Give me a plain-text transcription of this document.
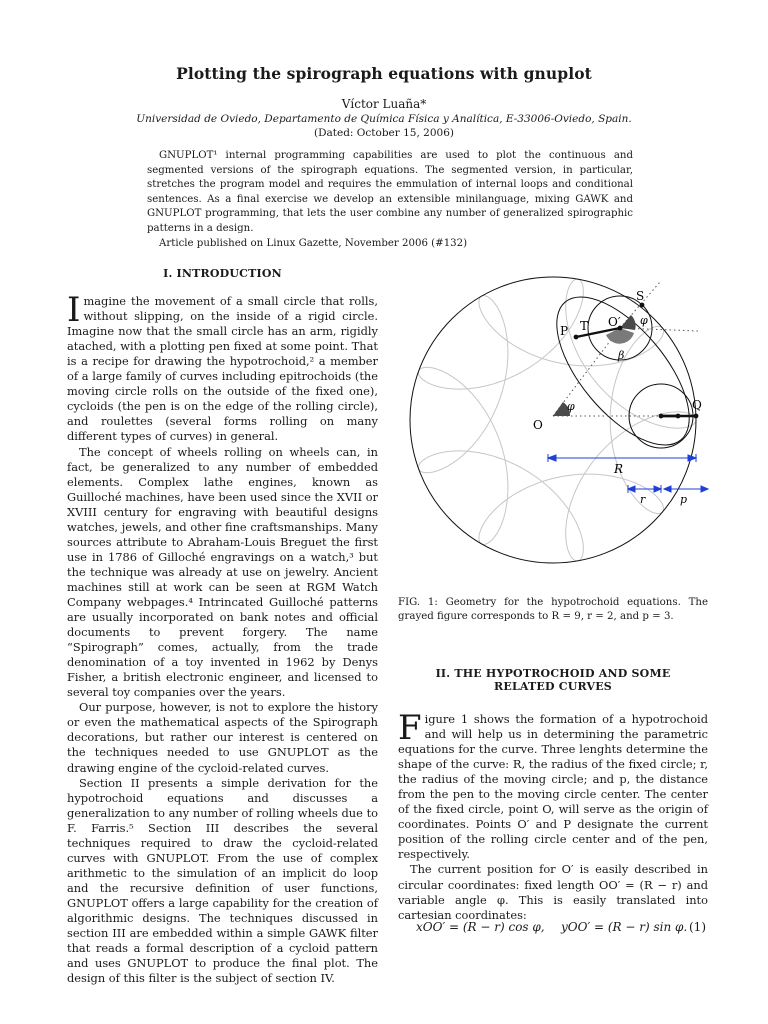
Plotting the spirograph equations with gnuplot
Víctor Luaña*
Universidad de Oviedo, Departamento de Química Física y Analítica, E-33006-Oviedo, Spain.
(Dated: October 15, 2006)

GNUPLOT¹ internal programming capabilities are used to plot the continuous and segmented versions of the spirograph equations. The segmented version, in particular, stretches the program model and requires the emmulation of internal loops and conditional sentences. As a final exercise we develop an extensible minilanguage, mixing GAWK and GNUPLOT programming, that lets the user combine any number of generalized spirographic patterns in a design.

Article published on Linux Gazette, November 2006 (#132)

I. INTRODUCTION

Imagine the movement of a small circle that rolls, without slipping, on the inside of a rigid circle. Imagine now that the small circle has an arm, rigidly atached, with a plotting pen fixed at some point. That is a recipe for drawing the hypotrochoid,² a member of a large family of curves including epitrochoids (the moving circle rolls on the outside of the fixed one), cycloids (the pen is on the edge of the rolling circle), and roulettes (several forms rolling on many different types of curves) in general.

The concept of wheels rolling on wheels can, in fact, be generalized to any number of embedded elements. Complex lathe engines, known as Guilloché machines, have been used since the XVII or XVIII century for engraving with beautiful designs watches, jewels, and other fine craftsmanships. Many sources attribute to Abraham-Louis Breguet the first use in 1786 of Gilloché engravings on a watch,³ but the technique was already at use on jewelry. Ancient machines still at work can be seen at RGM Watch Company webpages.⁴ Intrincated Guilloché patterns are usually incorporated on bank notes and official documents to prevent forgery. The name “Spirograph” comes, actually, from the trade denomination of a toy invented in 1962 by Denys Fisher, a british electronic engineer, and licensed to several toy companies over the years.

Our purpose, however, is not to explore the history or even the mathematical aspects of the Spirograph decorations, but rather our interest is centered on the techniques needed to use GNUPLOT as the drawing engine of the cycloid-related curves.

Section II presents a simple derivation for the hypotrochoid equations and discusses a generalization to any number of rolling wheels due to F. Farris.⁵ Section III describes the several techniques required to draw the cycloid-related curves with GNUPLOT. From the use of complex arithmetic to the simulation of an implicit do loop and the recursive definition of user functions, GNUPLOT offers a large capability for the creation of algorithmic designs. The techniques discussed in section III are embedded within a simple GAWK filter that reads a formal description of a cycloid pattern and uses GNUPLOT to produce the final plot. The design of this filter is the subject of section IV.

S
T O′
P
φ
β
O
φ	Q
R
r	p
FIG. 1: Geometry for the hypotrochoid equations. The grayed figure corresponds to R = 9, r = 2, and p = 3.
II. THE HYPOTROCHOID AND SOME
RELATED CURVES

Figure 1 shows the formation of a hypotrochoid and will help us in determining the parametric equations for the curve. Three lenghts determine the shape of the curve: R, the radius of the fixed circle; r, the radius of the moving circle; and p, the distance from the pen to the moving circle center. The center of the fixed circle, point O, will serve as the origin of coordinates. Points O′ and P designate the current position of the rolling circle center and of the pen, respectively.

The current position for O′ is easily described in circular coordinates: fixed length OO′ = (R − r) and variable angle φ. This is easily translated into cartesian coordinates:

xOO′ = (R − r) cos φ, yOO′ = (R − r) sin φ. (1)
